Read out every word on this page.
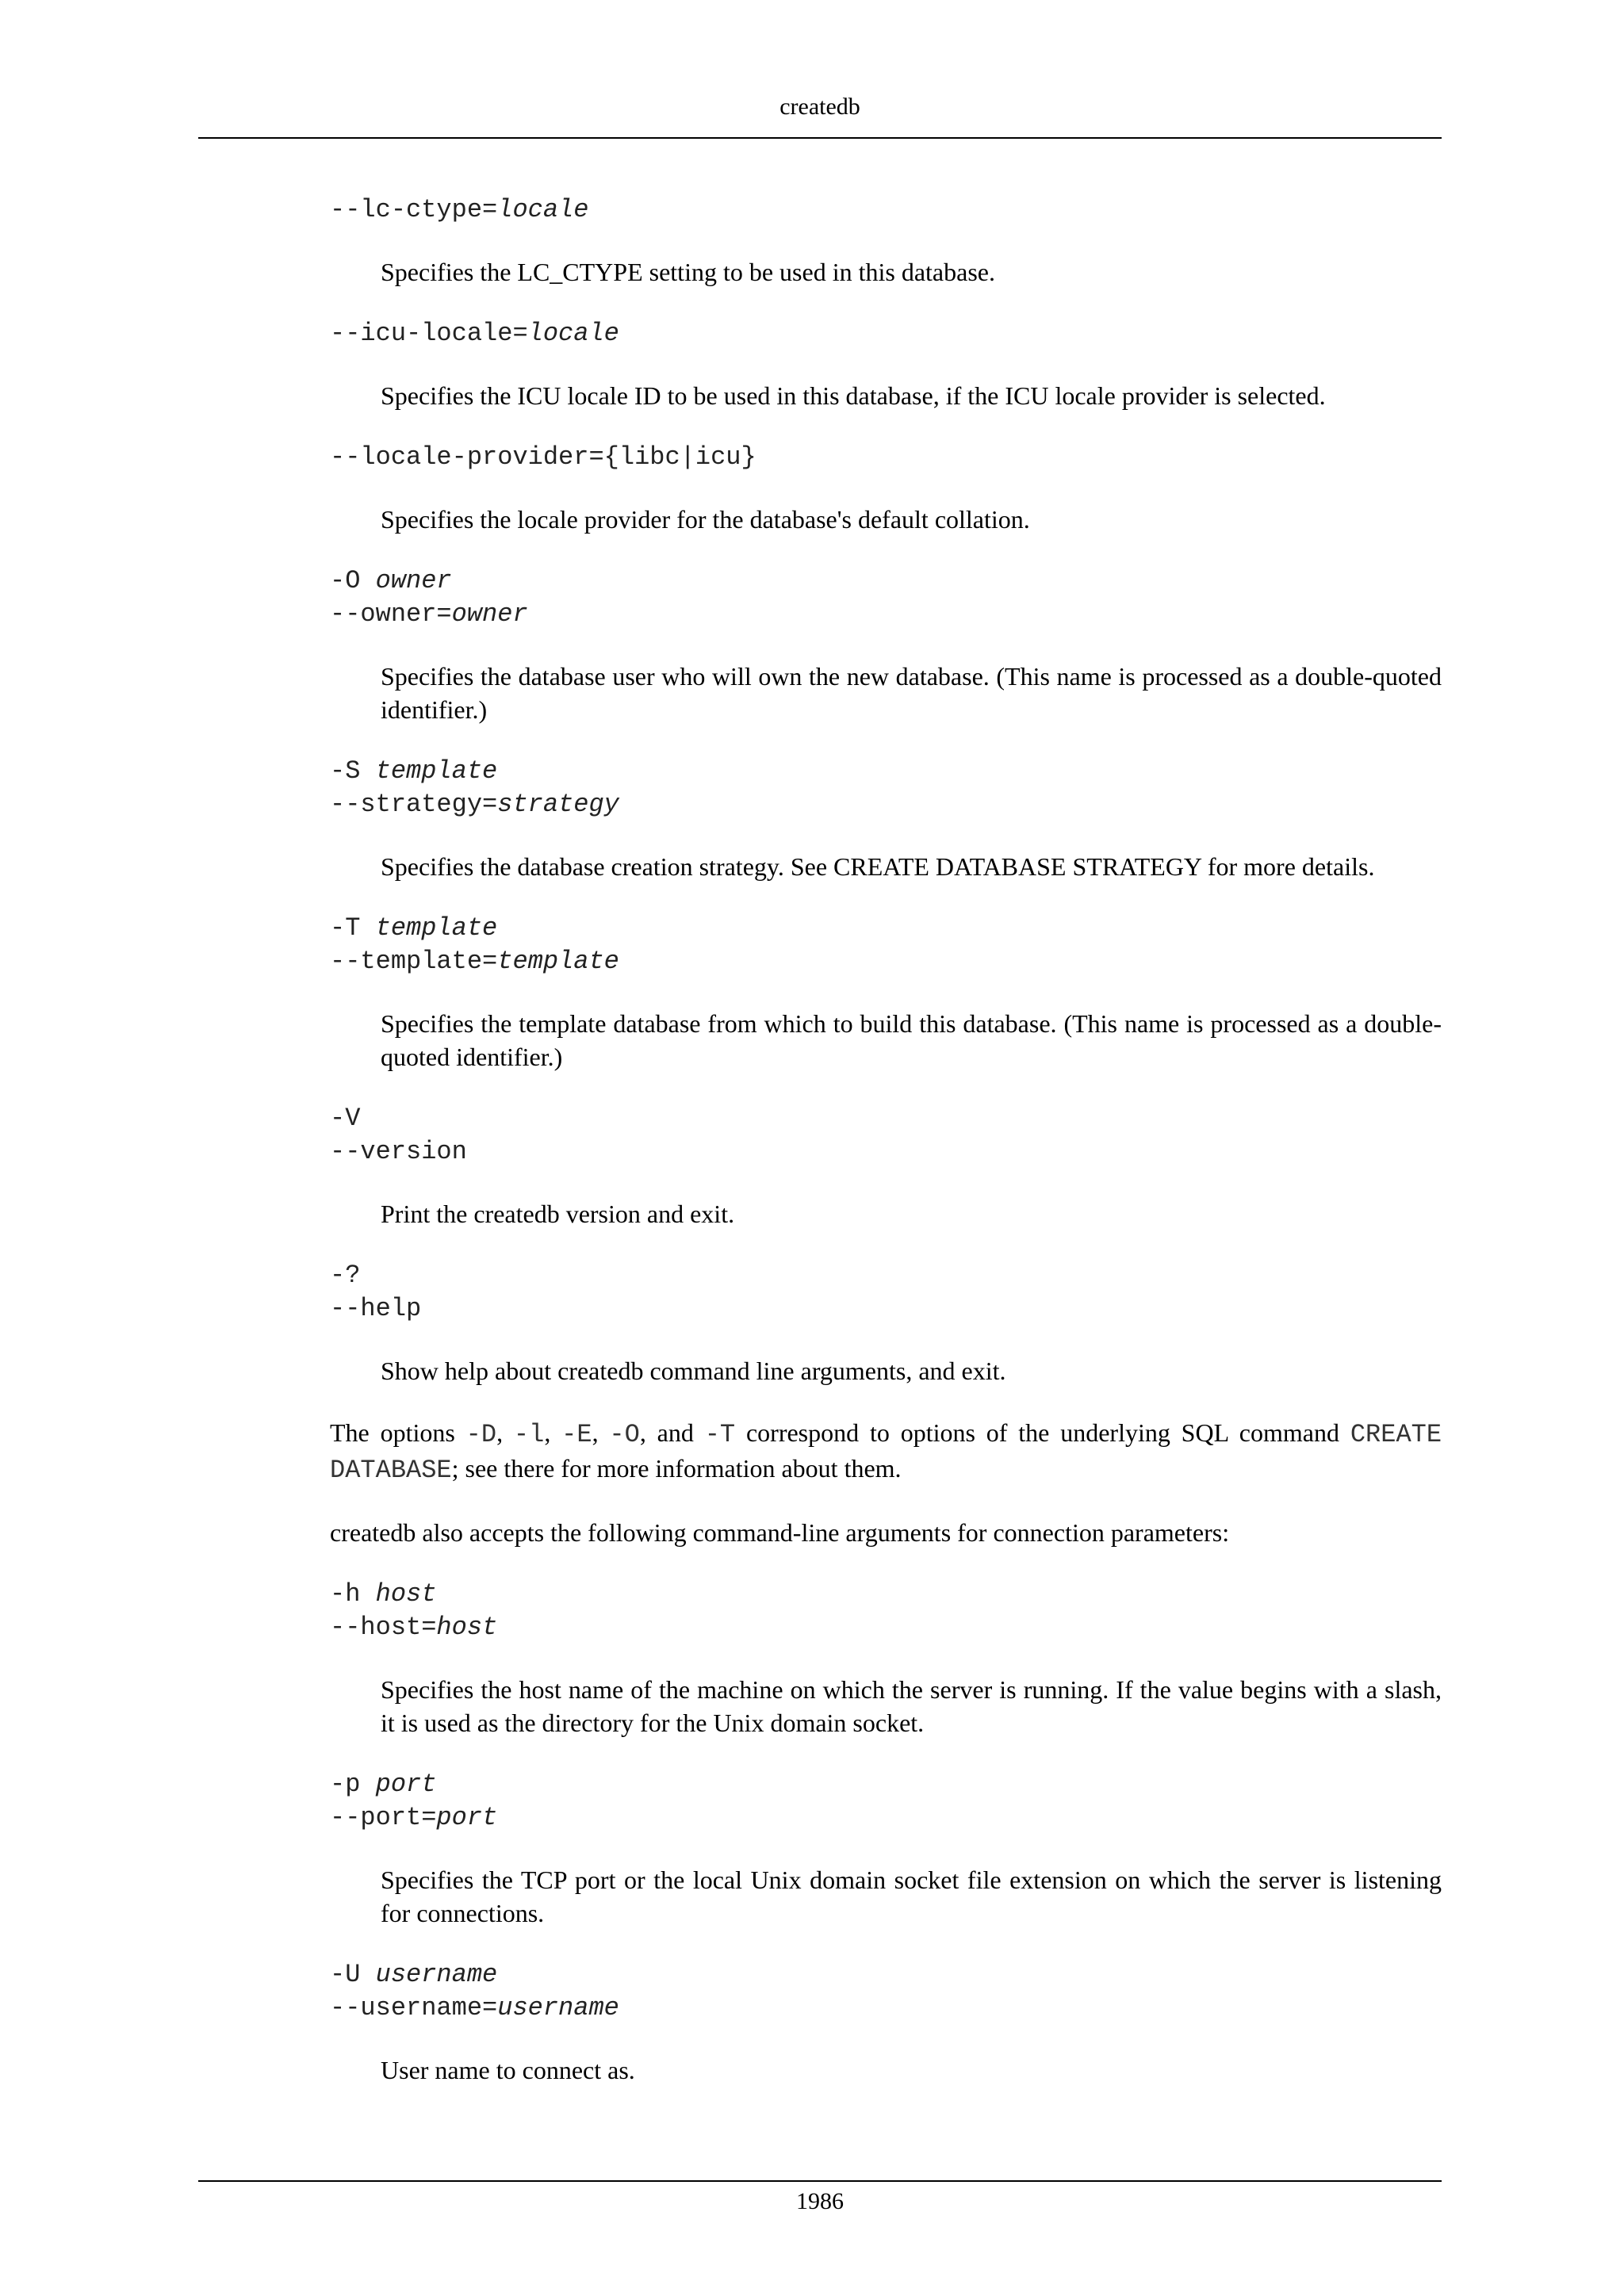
createdb

--lc-ctype=locale

Specifies the LC_CTYPE setting to be used in this database.

--icu-locale=locale

Specifies the ICU locale ID to be used in this database, if the ICU locale provider is selected.

--locale-provider={libc|icu}

Specifies the locale provider for the database's default collation.

-O owner

--owner=owner

Specifies the database user who will own the new database. (This name is processed as a double-quoted identifier.)

-S template

--strategy=strategy

Specifies the database creation strategy. See CREATE DATABASE STRATEGY for more details.

-T template

--template=template

Specifies the template database from which to build this database. (This name is processed as a double-quoted identifier.)

-V

--version

Print the createdb version and exit.

-?

--help

Show help about createdb command line arguments, and exit.

The options -D, -l, -E, -O, and -T correspond to options of the underlying SQL command CREATE DATABASE; see there for more information about them.

createdb also accepts the following command-line arguments for connection parameters:

-h host

--host=host

Specifies the host name of the machine on which the server is running. If the value begins with a slash, it is used as the directory for the Unix domain socket.

-p port

--port=port

Specifies the TCP port or the local Unix domain socket file extension on which the server is listening for connections.

-U username

--username=username

User name to connect as.

1986
